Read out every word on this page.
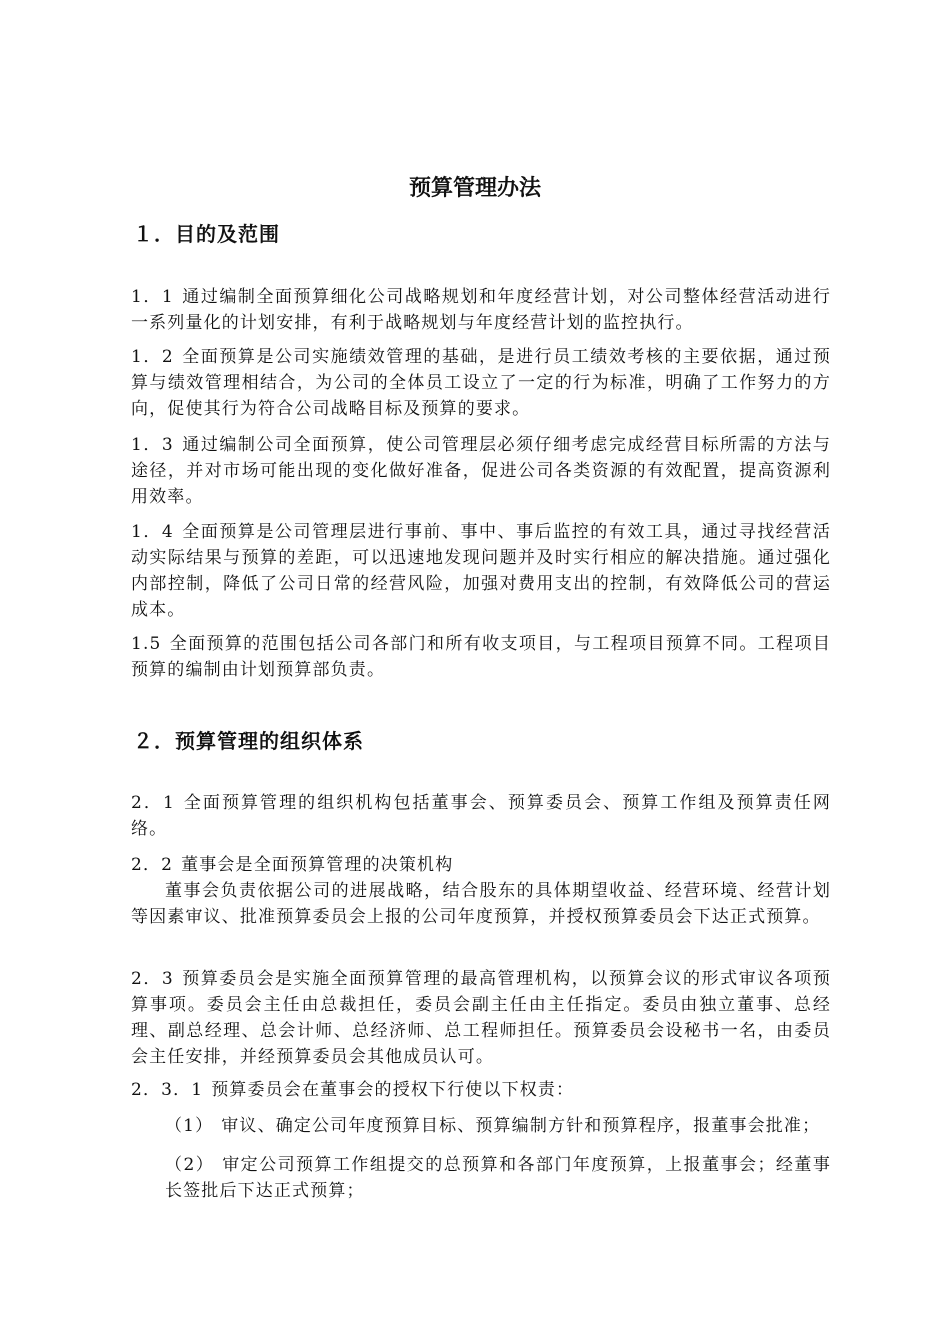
预算管理办法
１．目的及范围

1．1 通过编制全面预算细化公司战略规划和年度经营计划，对公司整体经营活动进行一系列量化的计划安排，有利于战略规划与年度经营计划的监控执行。

1．2 全面预算是公司实施绩效管理的基础，是进行员工绩效考核的主要依据，通过预算与绩效管理相结合，为公司的全体员工设立了一定的行为标准，明确了工作努力的方向，促使其行为符合公司战略目标及预算的要求。

1．3 通过编制公司全面预算，使公司管理层必须仔细考虑完成经营目标所需的方法与途径，并对市场可能出现的变化做好准备，促进公司各类资源的有效配置，提高资源利用效率。

1．4 全面预算是公司管理层进行事前、事中、事后监控的有效工具，通过寻找经营活动实际结果与预算的差距，可以迅速地发现问题并及时实行相应的解决措施。通过强化内部控制，降低了公司日常的经营风险，加强对费用支出的控制，有效降低公司的营运成本。

1.5 全面预算的范围包括公司各部门和所有收支项目，与工程项目预算不同。工程项目预算的编制由计划预算部负责。

２．预算管理的组织体系

2．1 全面预算管理的组织机构包括董事会、预算委员会、预算工作组及预算责任网络。

2．2 董事会是全面预算管理的决策机构

董事会负责依据公司的进展战略，结合股东的具体期望收益、经营环境、经营计划等因素审议、批准预算委员会上报的公司年度预算，并授权预算委员会下达正式预算。

2．3 预算委员会是实施全面预算管理的最高管理机构，以预算会议的形式审议各项预算事项。委员会主任由总裁担任，委员会副主任由主任指定。委员由独立董事、总经理、副总经理、总会计师、总经济师、总工程师担任。预算委员会设秘书一名，由委员会主任安排，并经预算委员会其他成员认可。

2．3．1 预算委员会在董事会的授权下行使以下权责：

（1） 审议、确定公司年度预算目标、预算编制方针和预算程序，报董事会批准；

（2） 审定公司预算工作组提交的总预算和各部门年度预算，上报董事会；经董事长签批后下达正式预算；
